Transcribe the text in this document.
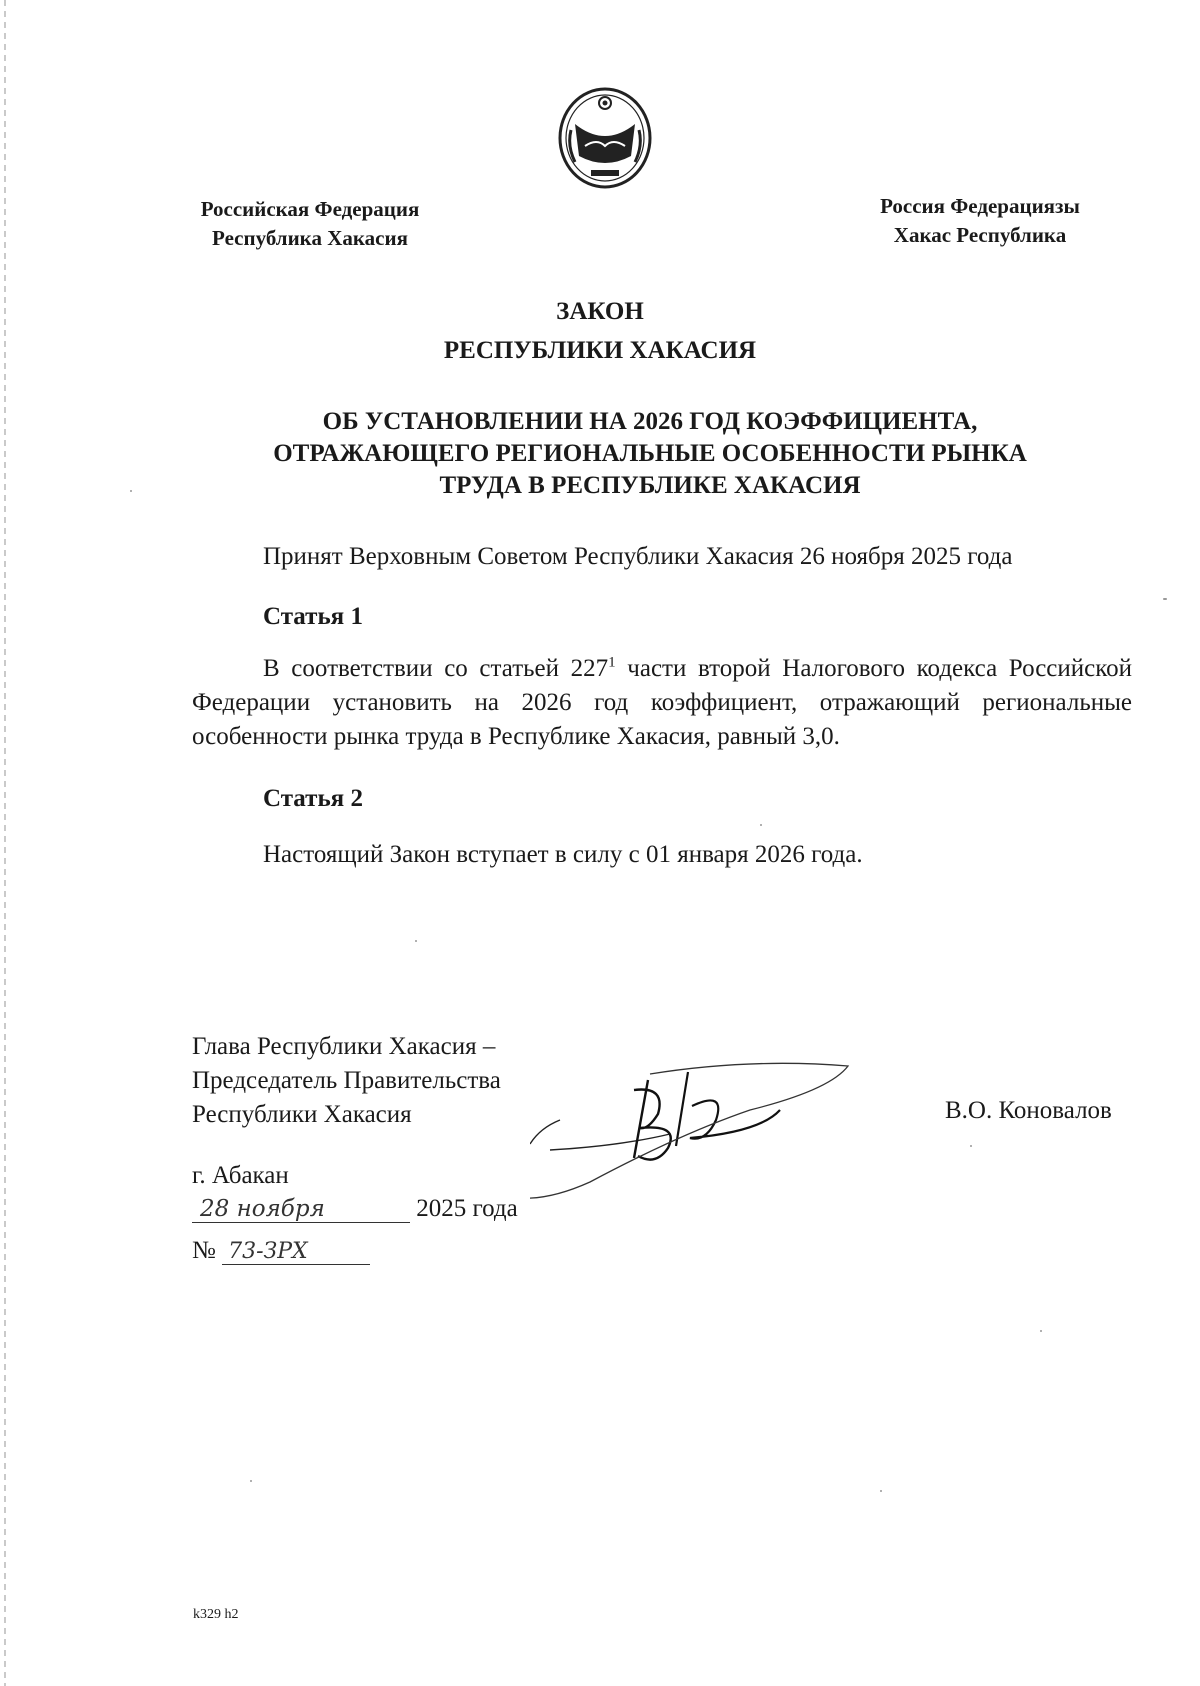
Российская Федерация
Республика Хакасия
Россия Федерациязы
Хакас Республика
ЗАКОН
РЕСПУБЛИКИ ХАКАСИЯ
ОБ УСТАНОВЛЕНИИ НА 2026 ГОД КОЭФФИЦИЕНТА,
ОТРАЖАЮЩЕГО РЕГИОНАЛЬНЫЕ ОСОБЕННОСТИ РЫНКА
ТРУДА В РЕСПУБЛИКЕ ХАКАСИЯ
Принят Верховным Советом Республики Хакасия 26 ноября 2025 года
Статья 1
В соответствии со статьей $227^1$ части второй Налогового кодекса Российской Федерации установить на 2026 год коэффициент, отражающий региональные особенности рынка труда в Республике Хакасия, равный 3,0.
Статья 2
Настоящий Закон вступает в силу с 01 января 2026 года.
Глава Республики Хакасия –
Председатель Правительства
Республики Хакасия	В.О. Коновалов
г. Абакан
28 ноября	2025 года
№ 73-ЗРХ
k329 h2
